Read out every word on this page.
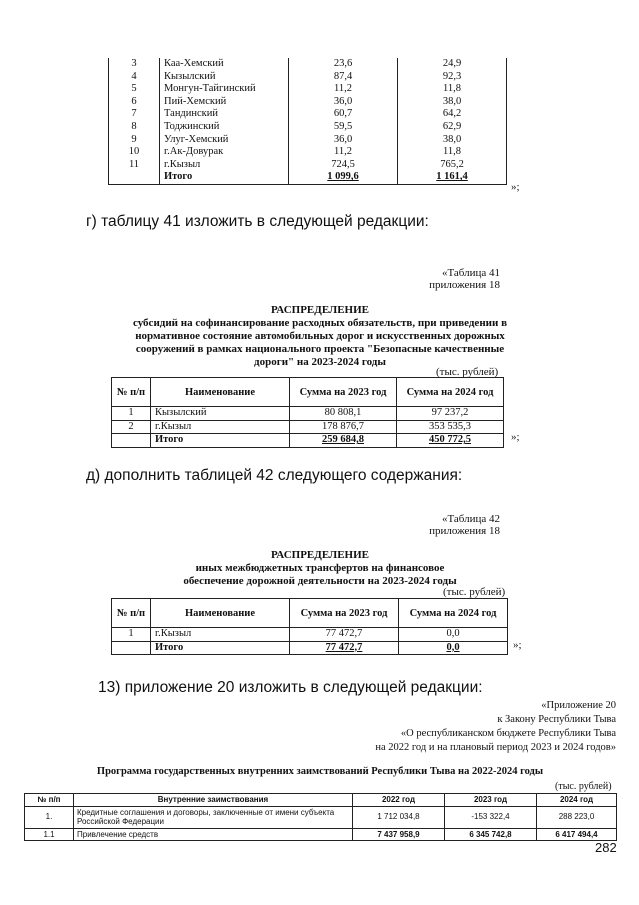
3	Каа-Хемский	23,6	24,9
4	Кызылский	87,4	92,3
5	Монгун-Тайгинский	11,2	11,8
6	Пий-Хемский	36,0	38,0
7	Тандинский	60,7	64,2
8	Тоджинский	59,5	62,9
9	Улуг-Хемский	36,0	38,0
10	г.Ак-Довурак	11,2	11,8
11	г.Кызыл	724,5	765,2
	Итого	1 099,6	1 161,4
»;
г) таблицу 41 изложить в следующей редакции:
«Таблица 41
приложения 18
РАСПРЕДЕЛЕНИЕ
субсидий на софинансирование расходных обязательств, при приведении в
нормативное состояние автомобильных дорог и искусственных дорожных
сооружений в рамках национального проекта "Безопасные качественные
дороги" на 2023-2024 годы
(тыс. рублей)
№ п/п	Наименование	Сумма на 2023 год	Сумма на 2024 год
1	Кызылский	80 808,1	97 237,2
2	г.Кызыл	178 876,7	353 535,3
	Итого	259 684,8	450 772,5	»;
д) дополнить таблицей 42 следующего содержания:
«Таблица 42
приложения 18
РАСПРЕДЕЛЕНИЕ
иных межбюджетных трансфертов на финансовое
обеспечение дорожной деятельности на 2023-2024 годы
(тыс. рублей)
№ п/п	Наименование	Сумма на 2023 год	Сумма на 2024 год
1	г.Кызыл	77 472,7	0,0
	Итого	77 472,7	0,0	»;
13) приложение 20 изложить в следующей редакции:
«Приложение 20
к Закону Республики Тыва
«О республиканском бюджете Республики Тыва
на 2022 год и на плановый период 2023 и 2024 годов»
Программа государственных внутренних заимствований Республики Тыва на 2022-2024 годы
(тыс. рублей)
№ п/п	Внутренние заимствования	2022 год	2023 год	2024 год
1.	Кредитные соглашения и договоры, заключенные от имени субъекта Российской Федерации	1 712 034,8	-153 322,4	288 223,0
1.1	Привлечение средств	7 437 958,9	6 345 742,8	6 417 494,4
282
